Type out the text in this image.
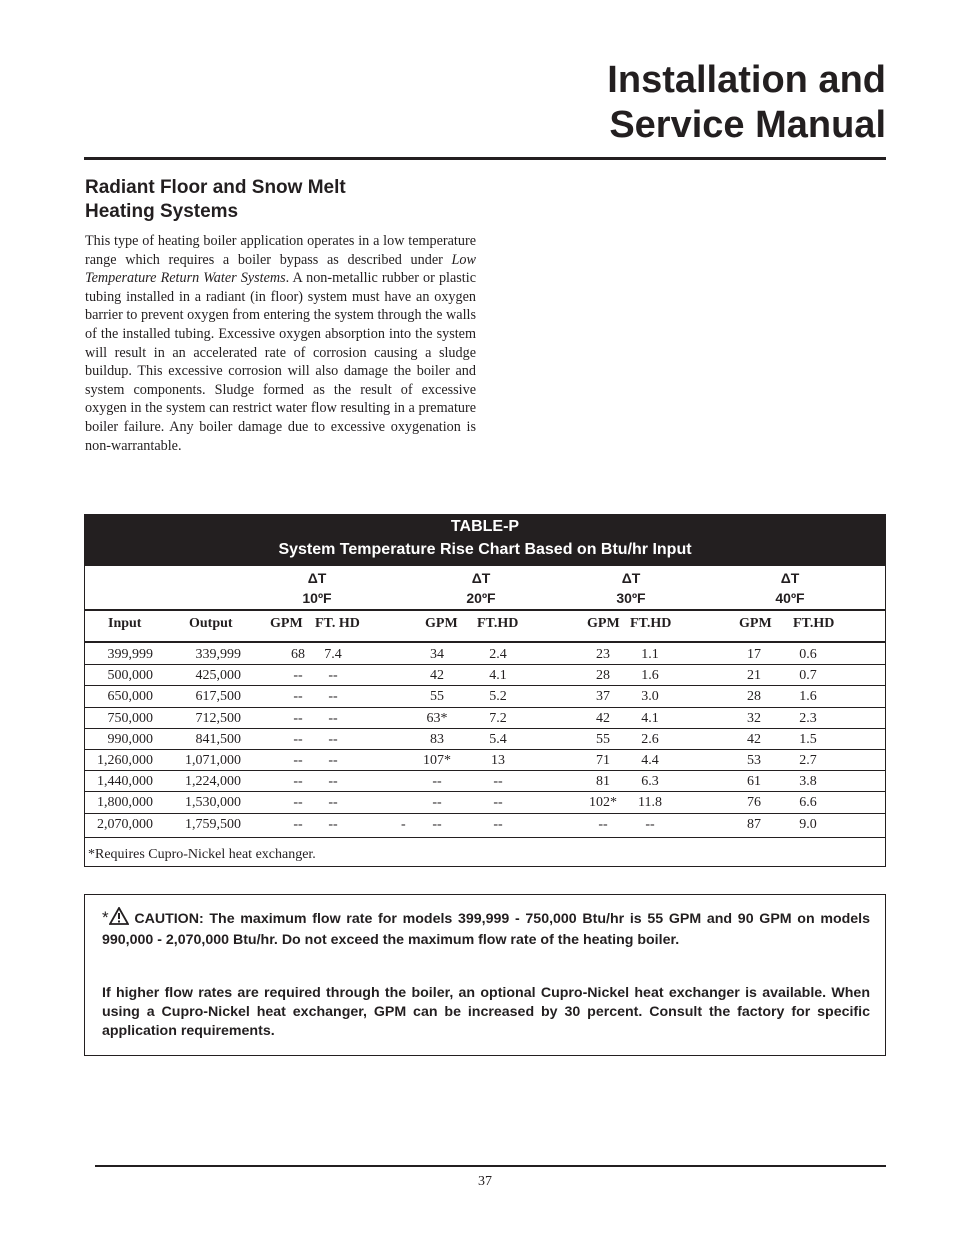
Installation and
Service Manual
Radiant Floor and Snow Melt
Heating Systems
This type of heating boiler application operates in a low temperature range which requires a boiler bypass as described under Low Temperature Return Water Systems. A non-metallic rubber or plastic tubing installed in a radiant (in floor) system must have an oxygen barrier to prevent oxygen from entering the system through the walls of the installed tubing. Excessive oxygen absorption into the system will result in an accelerated rate of corrosion causing a sludge buildup. This excessive corrosion will also damage the boiler and system components. Sludge formed as the result of excessive oxygen in the system can restrict water flow resulting in a premature boiler failure. Any boiler damage due to excessive oxygenation is non-warrantable.
TABLE-P
System Temperature Rise Chart Based on Btu/hr Input
ΔT
10ºF
ΔT
20ºF
ΔT
30ºF
ΔT
40ºF
Input	Output	GPM FT. HD	GPM FT.HD	GPM FT.HD	GPM FT.HD
399,999	339,999	68	7.4	34	2.4	23	1.1	17	0.6
500,000	425,000	--	--	42	4.1	28	1.6	21	0.7
650,000	617,500	--	--	55	5.2	37	3.0	28	1.6
750,000	712,500	--	--	63*	7.2	42	4.1	32	2.3
990,000	841,500	--	--	83	5.4	55	2.6	42	1.5
1,260,000 1,071,000	--	--	107*	13	71	4.4	53	2.7
1,440,000 1,224,000	--	--	--	--	81	6.3	61	3.8
1,800,000 1,530,000	--	--	--	--	102*	11.8	76	6.6
2,070,000 1,759,500	--	--	--	--	--	--	87	9.0
-
*Requires Cupro-Nickel heat exchanger.
* CAUTION: The maximum flow rate for models 399,999 - 750,000 Btu/hr is 55 GPM and 90 GPM on models 990,000 - 2,070,000 Btu/hr. Do not exceed the maximum flow rate of the heating boiler.
If higher flow rates are required through the boiler, an optional Cupro-Nickel heat exchanger is available. When using a Cupro-Nickel heat exchanger, GPM can be increased by 30 percent. Consult the factory for specific application requirements.
37
